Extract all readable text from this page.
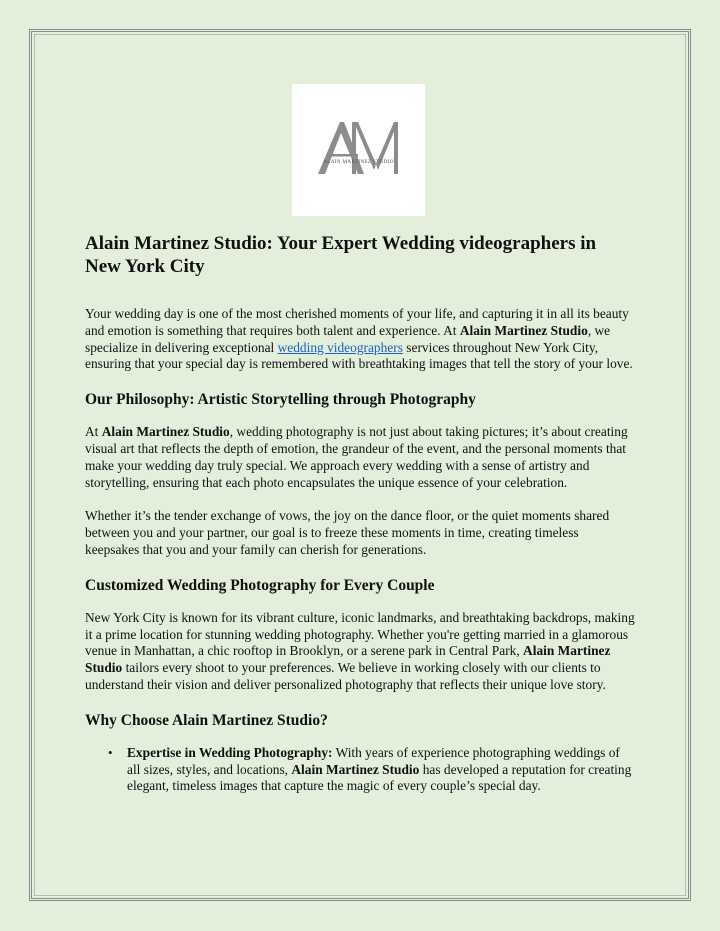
ALAIN MARTINEZ STUDIO
Alain Martinez Studio: Your Expert Wedding videographers in New York City

Your wedding day is one of the most cherished moments of your life, and capturing it in all its beauty and emotion is something that requires both talent and experience. At Alain Martinez Studio, we specialize in delivering exceptional wedding videographers services throughout New York City, ensuring that your special day is remembered with breathtaking images that tell the story of your love.

Our Philosophy: Artistic Storytelling through Photography

At Alain Martinez Studio, wedding photography is not just about taking pictures; it’s about creating visual art that reflects the depth of emotion, the grandeur of the event, and the personal moments that make your wedding day truly special. We approach every wedding with a sense of artistry and storytelling, ensuring that each photo encapsulates the unique essence of your celebration.

Whether it’s the tender exchange of vows, the joy on the dance floor, or the quiet moments shared between you and your partner, our goal is to freeze these moments in time, creating timeless keepsakes that you and your family can cherish for generations.

Customized Wedding Photography for Every Couple

New York City is known for its vibrant culture, iconic landmarks, and breathtaking backdrops, making it a prime location for stunning wedding photography. Whether you're getting married in a glamorous venue in Manhattan, a chic rooftop in Brooklyn, or a serene park in Central Park, Alain Martinez Studio tailors every shoot to your preferences. We believe in working closely with our clients to understand their vision and deliver personalized photography that reflects their unique love story.

Why Choose Alain Martinez Studio?
• Expertise in Wedding Photography: With years of experience photographing weddings of all sizes, styles, and locations, Alain Martinez Studio has developed a reputation for creating elegant, timeless images that capture the magic of every couple’s special day.
